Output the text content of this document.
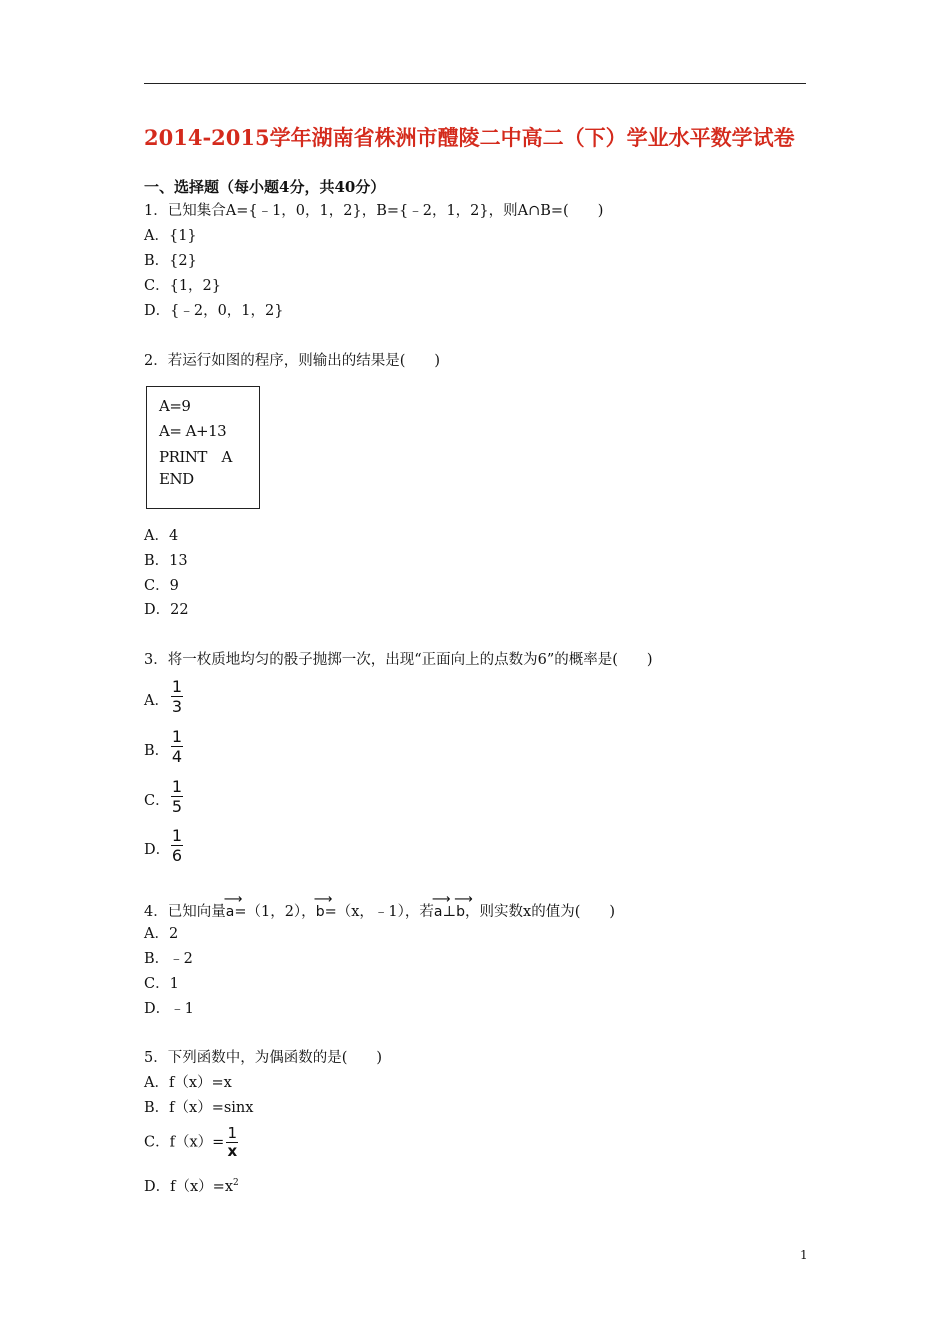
2014-2015学年湖南省株洲市醴陵二中高二（下）学业水平数学试卷
一、选择题（每小题4分，共40分）
1．已知集合A={﹣1，0，1，2}，B={﹣2，1，2}，则A∩B=(　　)
A．{1}
B．{2}
C．{1，2}
D．{﹣2，0，1，2}
2．若运行如图的程序，则输出的结果是(　　)
A=9
A= A+13
PRINT　A
END
A．4
B．13
C．9
D．22
3．将一枚质地均匀的骰子抛掷一次，出现“正面向上的点数为6”的概率是(　　)
A．
1
3
B．
1
4
C．
1
5
D．
1
6
4．已知向量
⟶
a=（1，2），
⟶
b=（x，﹣1），若
⟶
a⊥
⟶
b，则实数x的值为(　　)
A．2
B．﹣2
C．1
D．﹣1
5．下列函数中，为偶函数的是(　　)
A．f（x）=x
B．f（x）=sinx
C．$f(x)= \frac{1}{x}$
D．$f(x)=x^2$
1
